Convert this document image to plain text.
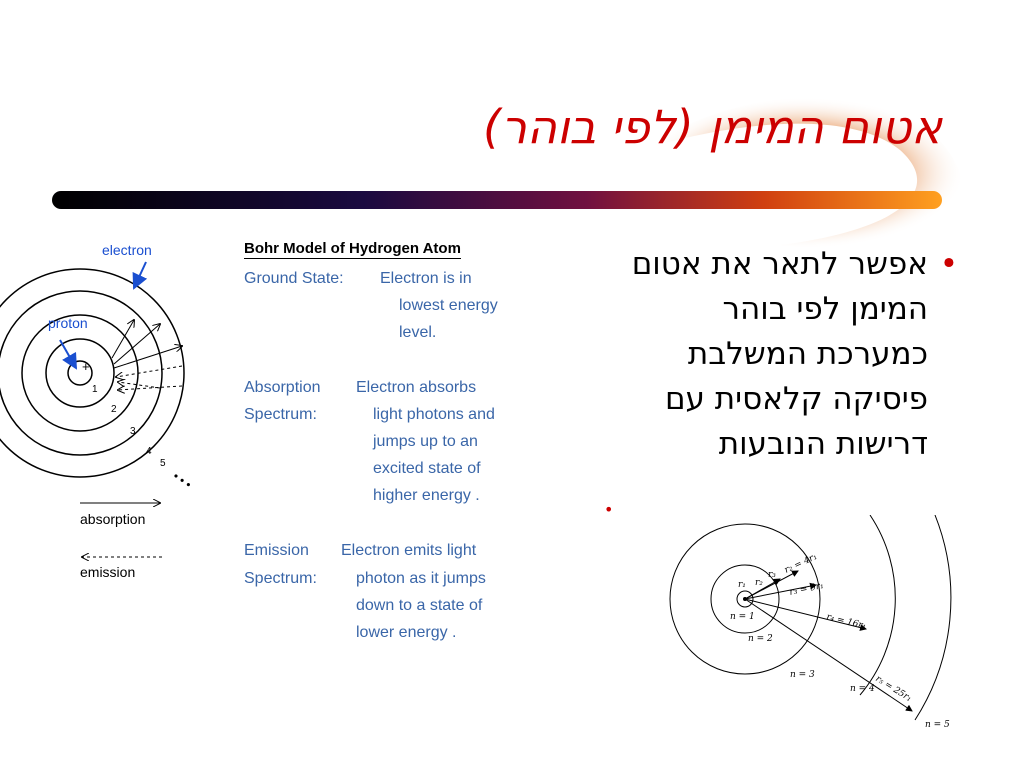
אטום המימן (לפי בוהר)
•
אפשר לתאר את אטום
המימן לפי בוהר
כמערכת המשלבת
פיסיקה קלאסית עם
דרישות הנובעות
•
electron
proton
+
1
2
3
4
5
• • •
absorption
emission
Bohr Model of Hydrogen Atom
Ground State: Electron is in
lowest energy
level.
Absorption
Spectrum:
Electron absorbs
light photons and
jumps up to an
excited state of
higher energy .
Emission
Spectrum:
Electron emits light
photon as it jumps
down to a state of
lower energy .
r₁ r₂
r₃ r₂ = 4r₁
r₃ = 9r₁
r₄ = 16r₁
r₅ = 25r₁
n = 1
n = 2
n = 3
n = 4
n = 5
